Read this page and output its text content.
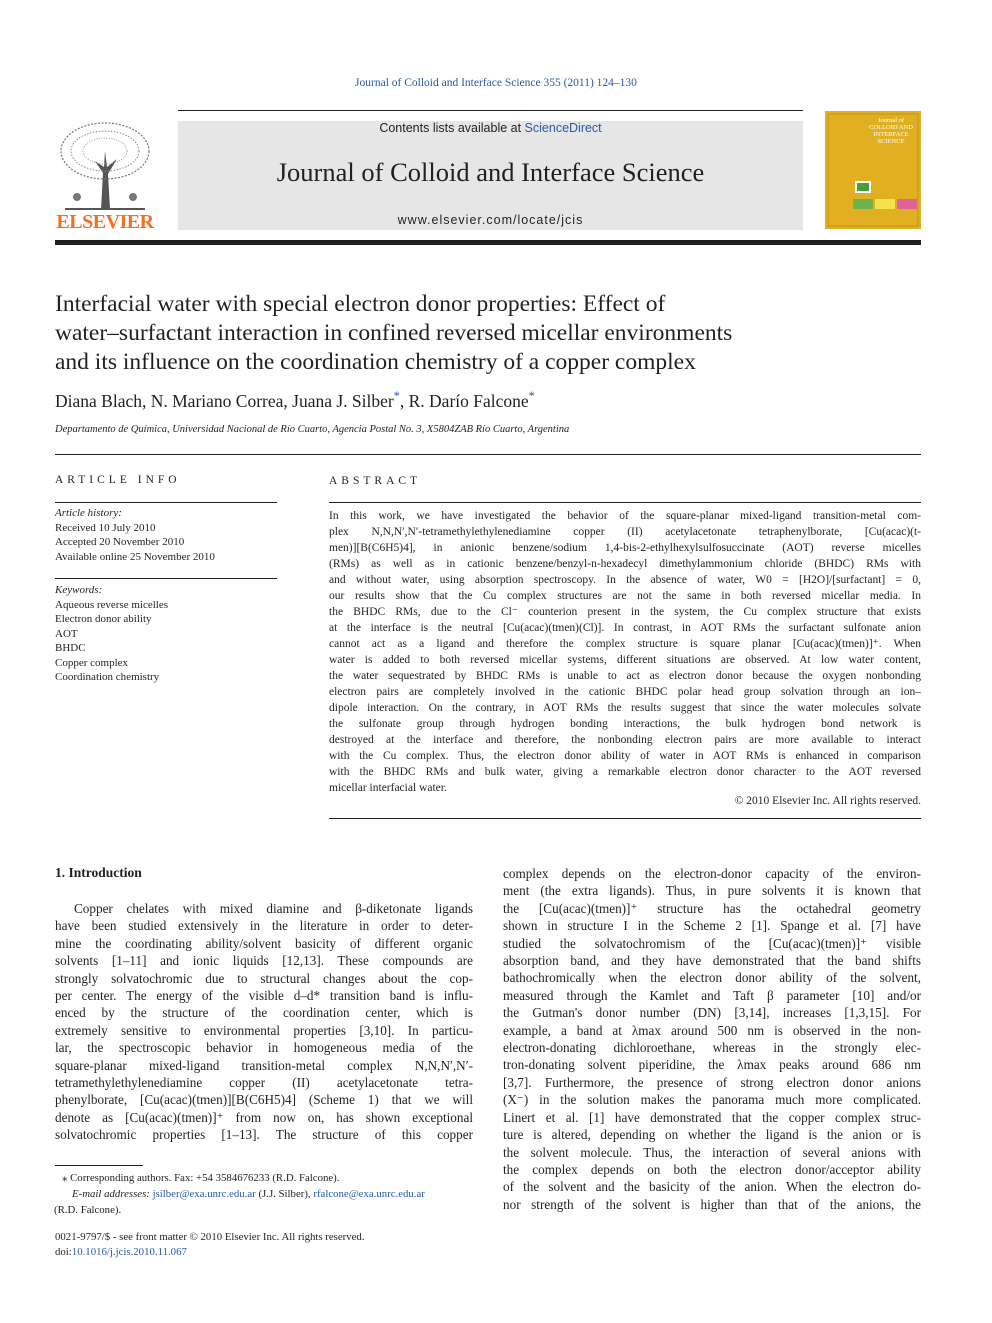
Journal of Colloid and Interface Science 355 (2011) 124–130
ELSEVIER
Contents lists available at ScienceDirect
Journal of Colloid and Interface Science
www.elsevier.com/locate/jcis
Journal of
COLLOID AND
INTERFACE
SCIENCE
Interfacial water with special electron donor properties: Effect of
water–surfactant interaction in confined reversed micellar environments
and its influence on the coordination chemistry of a copper complex
Diana Blach, N. Mariano Correa, Juana J. Silber*, R. Darío Falcone*
Departamento de Química, Universidad Nacional de Río Cuarto, Agencia Postal No. 3, X5804ZAB Río Cuarto, Argentina
ARTICLE INFO
Article history:
Received 10 July 2010
Accepted 20 November 2010
Available online 25 November 2010
Keywords:
Aqueous reverse micelles
Electron donor ability
AOT
BHDC
Copper complex
Coordination chemistry
ABSTRACT
In this work, we have investigated the behavior of the square-planar mixed-ligand transition-metal com-
plex N,N,N′,N′-tetramethylethylenediamine copper (II) acetylacetonate tetraphenylborate, [Cu(acac)(t-
men)][B(C6H5)4], in anionic benzene/sodium 1,4-bis-2-ethylhexylsulfosuccinate (AOT) reverse micelles
(RMs) as well as in cationic benzene/benzyl-n-hexadecyl dimethylammonium chloride (BHDC) RMs with
and without water, using absorption spectroscopy. In the absence of water, W0 = [H2O]/[surfactant] = 0,
our results show that the Cu complex structures are not the same in both reversed micellar media. In
the BHDC RMs, due to the Cl⁻ counterion present in the system, the Cu complex structure that exists
at the interface is the neutral [Cu(acac)(tmen)(Cl)]. In contrast, in AOT RMs the surfactant sulfonate anion
cannot act as a ligand and therefore the complex structure is square planar [Cu(acac)(tmen)]⁺. When
water is added to both reversed micellar systems, different situations are observed. At low water content,
the water sequestrated by BHDC RMs is unable to act as electron donor because the oxygen nonbonding
electron pairs are completely involved in the cationic BHDC polar head group solvation through an ion–
dipole interaction. On the contrary, in AOT RMs the results suggest that since the water molecules solvate
the sulfonate group through hydrogen bonding interactions, the bulk hydrogen bond network is
destroyed at the interface and therefore, the nonbonding electron pairs are more available to interact
with the Cu complex. Thus, the electron donor ability of water in AOT RMs is enhanced in comparison
with the BHDC RMs and bulk water, giving a remarkable electron donor character to the AOT reversed
micellar interfacial water.
© 2010 Elsevier Inc. All rights reserved.
1. Introduction
Copper chelates with mixed diamine and β-diketonate ligands
have been studied extensively in the literature in order to deter-
mine the coordinating ability/solvent basicity of different organic
solvents [1–11] and ionic liquids [12,13]. These compounds are
strongly solvatochromic due to structural changes about the cop-
per center. The energy of the visible d–d* transition band is influ-
enced by the structure of the coordination center, which is
extremely sensitive to environmental properties [3,10]. In particu-
lar, the spectroscopic behavior in homogeneous media of the
square-planar mixed-ligand transition-metal complex N,N,N′,N′-
tetramethylethylenediamine copper (II) acetylacetonate tetra-
phenylborate, [Cu(acac)(tmen)][B(C6H5)4] (Scheme 1) that we will
denote as [Cu(acac)(tmen)]⁺ from now on, has shown exceptional
solvatochromic properties [1–13]. The structure of this copper
complex depends on the electron-donor capacity of the environ-
ment (the extra ligands). Thus, in pure solvents it is known that
the [Cu(acac)(tmen)]⁺ structure has the octahedral geometry
shown in structure I in the Scheme 2 [1]. Spange et al. [7] have
studied the solvatochromism of the [Cu(acac)(tmen)]⁺ visible
absorption band, and they have demonstrated that the band shifts
bathochromically when the electron donor ability of the solvent,
measured through the Kamlet and Taft β parameter [10] and/or
the Gutman's donor number (DN) [3,14], increases [1,3,15]. For
example, a band at λmax around 500 nm is observed in the non-
electron-donating dichloroethane, whereas in the strongly elec-
tron-donating solvent piperidine, the λmax peaks around 686 nm
[3,7]. Furthermore, the presence of strong electron donor anions
(X⁻) in the solution makes the panorama much more complicated.
Linert et al. [1] have demonstrated that the copper complex struc-
ture is altered, depending on whether the ligand is the anion or is
the solvent molecule. Thus, the interaction of several anions with
the complex depends on both the electron donor/acceptor ability
of the solvent and the basicity of the anion. When the electron do-
nor strength of the solvent is higher than that of the anions, the
⁎ Corresponding authors. Fax: +54 3584676233 (R.D. Falcone).
E-mail addresses: jsilber@exa.unrc.edu.ar (J.J. Silber), rfalcone@exa.unrc.edu.ar
(R.D. Falcone).
0021-9797/$ - see front matter © 2010 Elsevier Inc. All rights reserved.
doi:10.1016/j.jcis.2010.11.067
